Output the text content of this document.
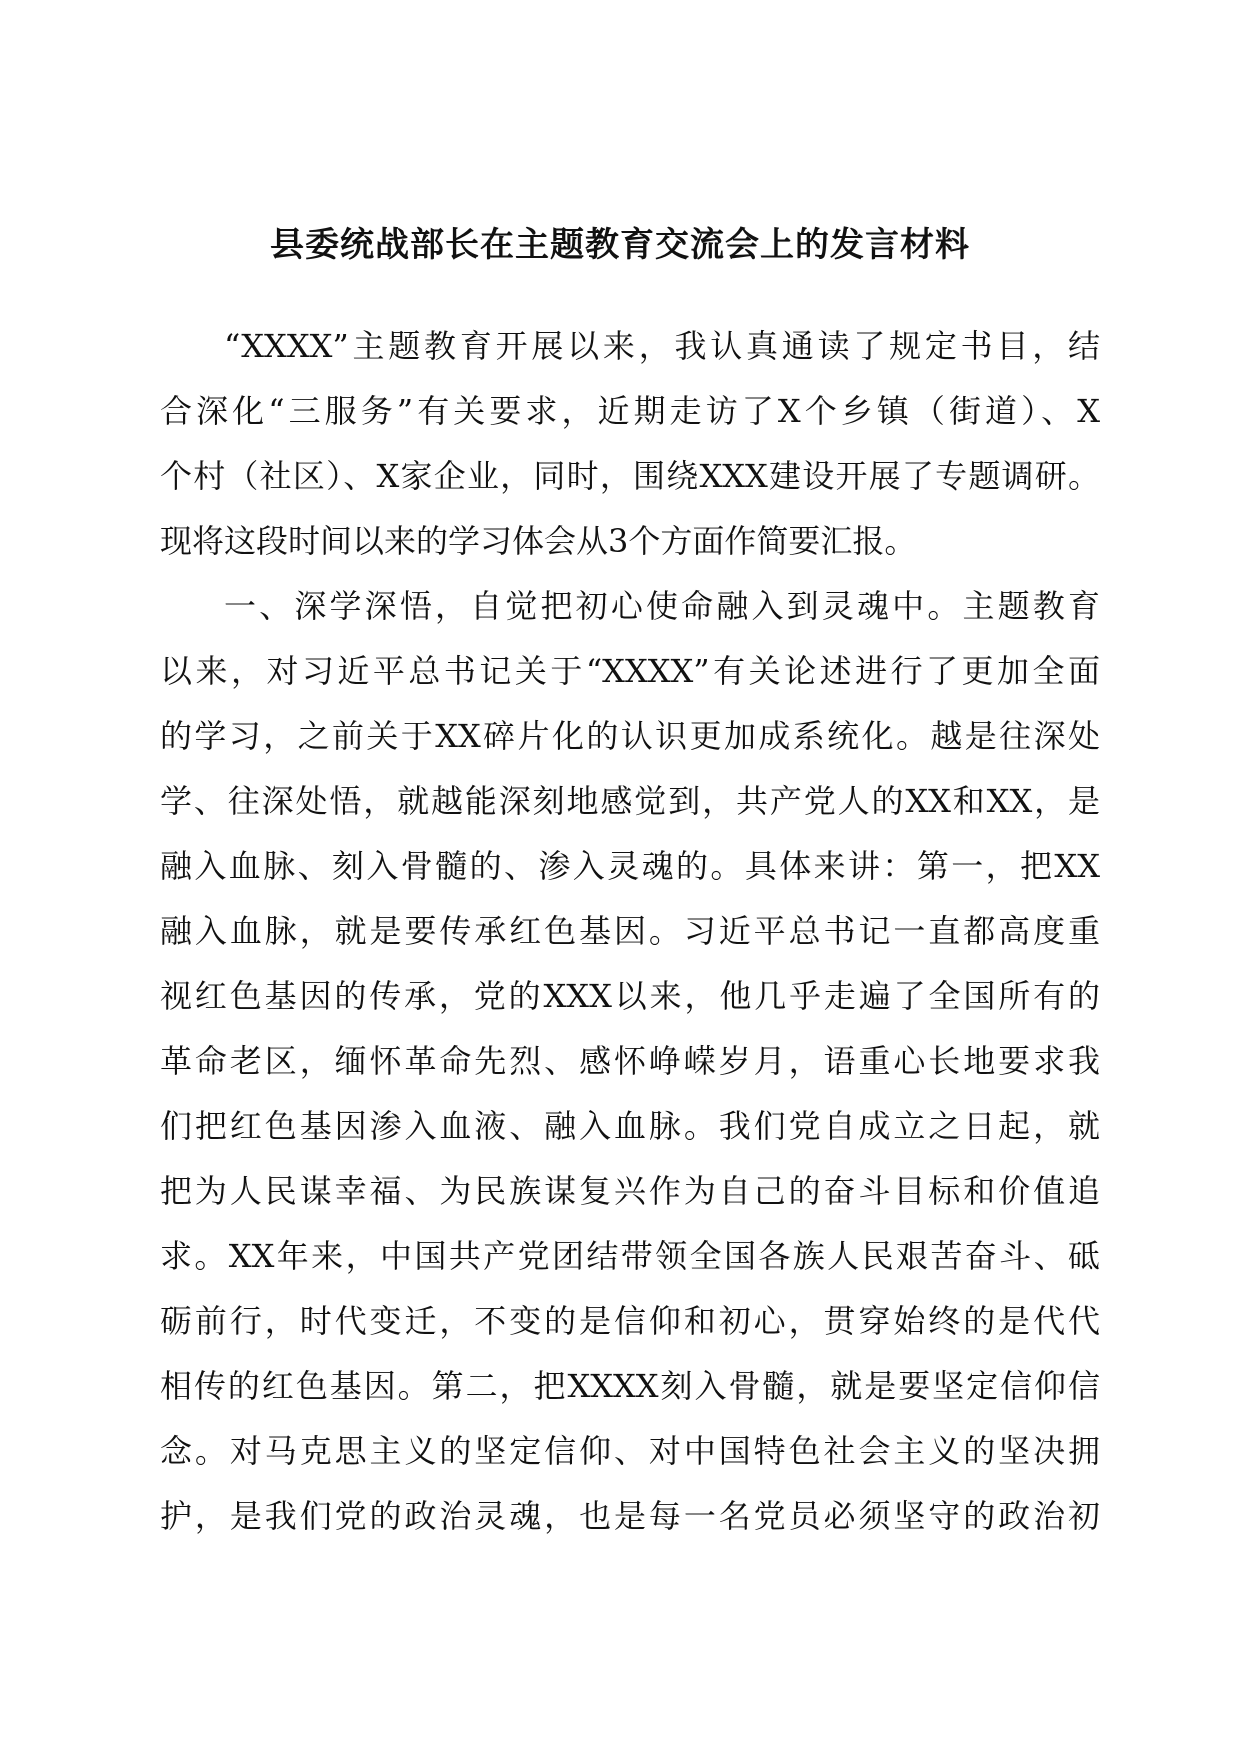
县委统战部长在主题教育交流会上的发言材料
“XXXX”主题教育开展以来，我认真通读了规定书目，结
合深化“三服务”有关要求，近期走访了X个乡镇（街道）、X
个村（社区）、X家企业，同时，围绕XXX建设开展了专题调研。
现将这段时间以来的学习体会从3个方面作简要汇报。
一、深学深悟，自觉把初心使命融入到灵魂中。主题教育
以来，对习近平总书记关于“XXXX”有关论述进行了更加全面
的学习，之前关于XX碎片化的认识更加成系统化。越是往深处
学、往深处悟，就越能深刻地感觉到，共产党人的XX和XX，是
融入血脉、刻入骨髓的、渗入灵魂的。具体来讲：第一，把XX
融入血脉，就是要传承红色基因。习近平总书记一直都高度重
视红色基因的传承，党的XXX以来，他几乎走遍了全国所有的
革命老区，缅怀革命先烈、感怀峥嵘岁月，语重心长地要求我
们把红色基因渗入血液、融入血脉。我们党自成立之日起，就
把为人民谋幸福、为民族谋复兴作为自己的奋斗目标和价值追
求。XX年来，中国共产党团结带领全国各族人民艰苦奋斗、砥
砺前行，时代变迁，不变的是信仰和初心，贯穿始终的是代代
相传的红色基因。第二，把XXXX刻入骨髓，就是要坚定信仰信
念。对马克思主义的坚定信仰、对中国特色社会主义的坚决拥
护，是我们党的政治灵魂，也是每一名党员必须坚守的政治初
